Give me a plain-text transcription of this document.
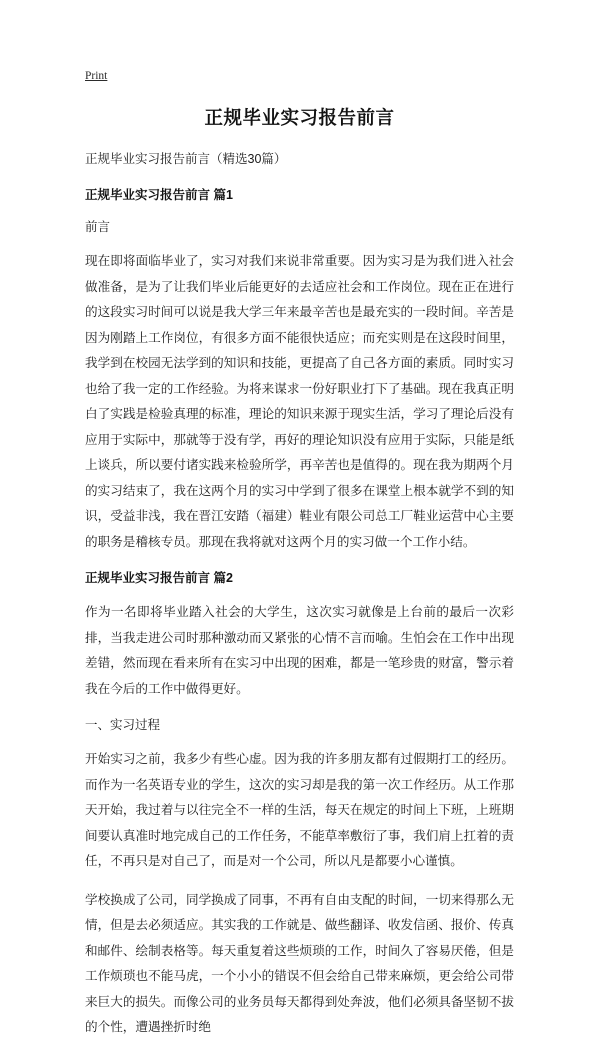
Print
正规毕业实习报告前言

正规毕业实习报告前言（精选30篇）

正规毕业实习报告前言 篇1

前言

现在即将面临毕业了，实习对我们来说非常重要。因为实习是为我们进入社会做准备，是为了让我们毕业后能更好的去适应社会和工作岗位。现在正在进行的这段实习时间可以说是我大学三年来最辛苦也是最充实的一段时间。辛苦是因为刚踏上工作岗位，有很多方面不能很快适应；而充实则是在这段时间里，我学到在校园无法学到的知识和技能，更提高了自己各方面的素质。同时实习也给了我一定的工作经验。为将来谋求一份好职业打下了基础。现在我真正明白了实践是检验真理的标准，理论的知识来源于现实生活，学习了理论后没有应用于实际中，那就等于没有学，再好的理论知识没有应用于实际，只能是纸上谈兵，所以要付诸实践来检验所学，再辛苦也是值得的。现在我为期两个月的实习结束了，我在这两个月的实习中学到了很多在课堂上根本就学不到的知识，受益非浅，我在晋江安踏（福建）鞋业有限公司总工厂鞋业运营中心主要的职务是稽核专员。那现在我将就对这两个月的实习做一个工作小结。

正规毕业实习报告前言 篇2

作为一名即将毕业踏入社会的大学生，这次实习就像是上台前的最后一次彩排，当我走进公司时那种激动而又紧张的心情不言而喻。生怕会在工作中出现差错，然而现在看来所有在实习中出现的困难，都是一笔珍贵的财富，警示着我在今后的工作中做得更好。

一、实习过程

开始实习之前，我多少有些心虚。因为我的许多朋友都有过假期打工的经历。而作为一名英语专业的学生，这次的实习却是我的第一次工作经历。从工作那天开始，我过着与以往完全不一样的生活，每天在规定的时间上下班，上班期间要认真准时地完成自己的工作任务，不能草率敷衍了事，我们肩上扛着的责任，不再只是对自己了，而是对一个公司，所以凡是都要小心谨慎。

学校换成了公司，同学换成了同事，不再有自由支配的时间，一切来得那么无情，但是去必须适应。其实我的工作就是、做些翻译、收发信函、报价、传真和邮件、绘制表格等。每天重复着这些烦琐的工作，时间久了容易厌倦，但是工作烦琐也不能马虎，一个小小的错误不但会给自己带来麻烦，更会给公司带来巨大的损失。而像公司的业务员每天都得到处奔波，他们必须具备坚韧不拔的个性，遭遇挫折时绝
